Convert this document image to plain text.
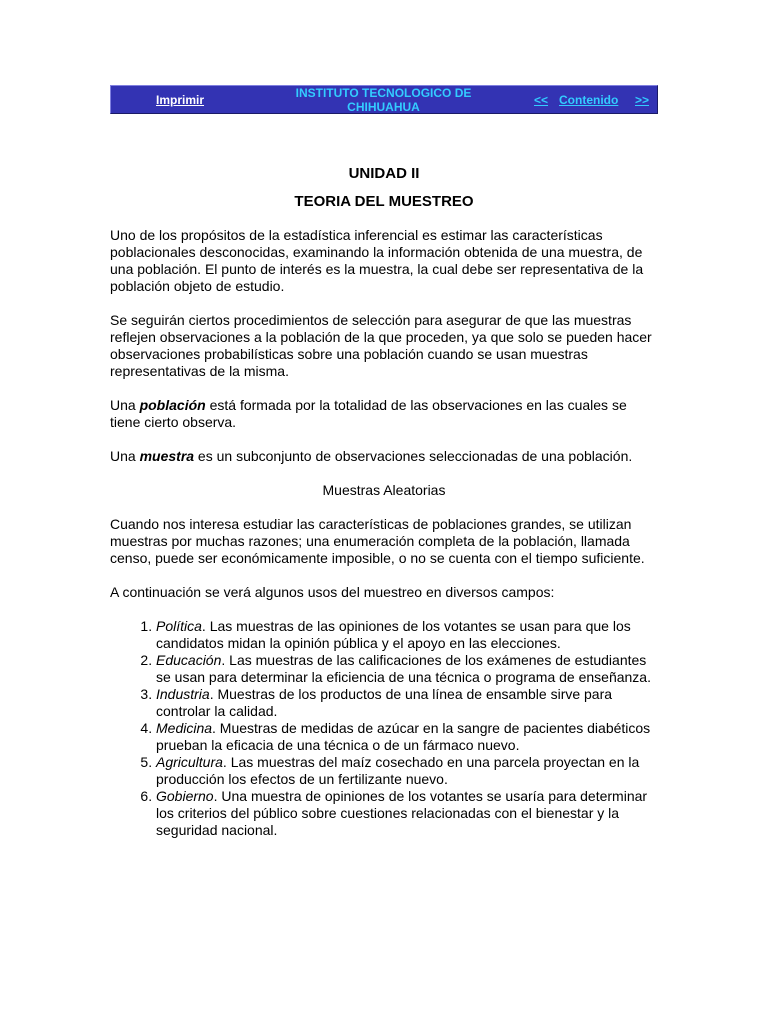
Imprimir	INSTITUTO TECNOLOGICO DE CHIHUAHUA	<< Contenido >>
UNIDAD II
TEORIA DEL MUESTREO

Uno de los propósitos de la estadística inferencial es estimar las características poblacionales desconocidas, examinando la información obtenida de una muestra, de una población. El punto de interés es la muestra, la cual debe ser representativa de la población objeto de estudio.

Se seguirán ciertos procedimientos de selección para asegurar de que las muestras reflejen observaciones a la población de la que proceden, ya que solo se pueden hacer observaciones probabilísticas sobre una población cuando se usan muestras representativas de la misma.

Una población está formada por la totalidad de las observaciones en las cuales se tiene cierto observa.

Una muestra es un subconjunto de observaciones seleccionadas de una población.

Muestras Aleatorias

Cuando nos interesa estudiar las características de poblaciones grandes, se utilizan muestras por muchas razones; una enumeración completa de la población, llamada censo, puede ser económicamente imposible, o no se cuenta con el tiempo suficiente.

A continuación se verá algunos usos del muestreo en diversos campos:

1. Política. Las muestras de las opiniones de los votantes se usan para que los candidatos midan la opinión pública y el apoyo en las elecciones.
2. Educación. Las muestras de las calificaciones de los exámenes de estudiantes se usan para determinar la eficiencia de una técnica o programa de enseñanza.
3. Industria. Muestras de los productos de una línea de ensamble sirve para controlar la calidad.
4. Medicina. Muestras de medidas de azúcar en la sangre de pacientes diabéticos prueban la eficacia de una técnica o de un fármaco nuevo.
5. Agricultura. Las muestras del maíz cosechado en una parcela proyectan en la producción los efectos de un fertilizante nuevo.
6. Gobierno. Una muestra de opiniones de los votantes se usaría para determinar los criterios del público sobre cuestiones relacionadas con el bienestar y la seguridad nacional.
